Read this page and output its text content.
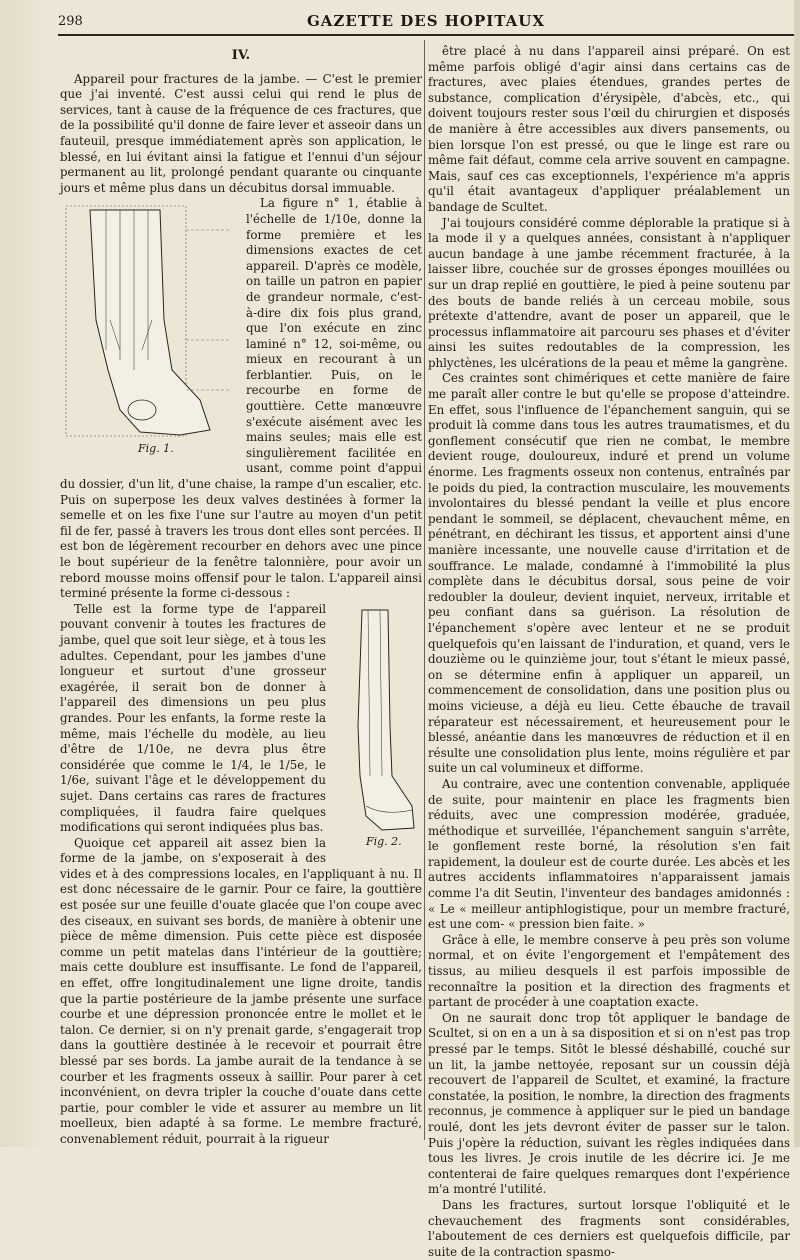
298	GAZETTE DES HOPITAUX
IV.

Appareil pour fractures de la jambe. — C'est le premier que j'ai inventé. C'est aussi celui qui rend le plus de services, tant à cause de la fréquence de ces fractures, que de la possibilité qu'il donne de faire lever et asseoir dans un fauteuil, presque immédiatement après son application, le blessé, en lui évitant ainsi la fatigue et l'ennui d'un séjour permanent au lit, prolongé pendant quarante ou cinquante jours et même plus dans un décubitus dorsal immuable.

Fig. 1.

La figure n° 1, établie à l'échelle de 1/10e, donne la forme première et les dimensions exactes de cet appareil. D'après ce modèle, on taille un patron en papier de grandeur normale, c'est-à-dire dix fois plus grand, que l'on exécute en zinc laminé n° 12, soi-même, ou mieux en recourant à un ferblantier. Puis, on le recourbe en forme de gouttière. Cette manœuvre s'exécute aisément avec les mains seules; mais elle est singulièrement facilitée en usant, comme point d'appui du dossier, d'un lit, d'une chaise, la rampe d'un escalier, etc. Puis on superpose les deux valves destinées à former la semelle et on les fixe l'une sur l'autre au moyen d'un petit fil de fer, passé à travers les trous dont elles sont percées. Il est bon de légèrement recourber en dehors avec une pince le bout supérieur de la fenêtre talonnière, pour avoir un rebord mousse moins offensif pour le talon. L'appareil ainsi terminé présente la forme ci-dessous :

Fig. 2.

Telle est la forme type de l'appareil pouvant convenir à toutes les fractures de jambe, quel que soit leur siège, et à tous les adultes. Cependant, pour les jambes d'une longueur et surtout d'une grosseur exagérée, il serait bon de donner à l'appareil des dimensions un peu plus grandes. Pour les enfants, la forme reste la même, mais l'échelle du modèle, au lieu d'être de 1/10e, ne devra plus être considérée que comme le 1/4, le 1/5e, le 1/6e, suivant l'âge et le développement du sujet. Dans certains cas rares de fractures compliquées, il faudra faire quelques modifications qui seront indiquées plus bas.

Quoique cet appareil ait assez bien la forme de la jambe, on s'exposerait à des vides et à des compressions locales, en l'appliquant à nu. Il est donc nécessaire de le garnir. Pour ce faire, la gouttière est posée sur une feuille d'ouate glacée que l'on coupe avec des ciseaux, en suivant ses bords, de manière à obtenir une pièce de même dimension. Puis cette pièce est disposée comme un petit matelas dans l'intérieur de la gouttière; mais cette doublure est insuffisante. Le fond de l'appareil, en effet, offre longitudinalement une ligne droite, tandis que la partie postérieure de la jambe présente une surface courbe et une dépression prononcée entre le mollet et le talon. Ce dernier, si on n'y prenait garde, s'engagerait trop dans la gouttière destinée à le recevoir et pourrait être blessé par ses bords. La jambe aurait de la tendance à se courber et les fragments osseux à saillir. Pour parer à cet inconvénient, on devra tripler la couche d'ouate dans cette partie, pour combler le vide et assurer au membre un lit moelleux, bien adapté à sa forme. Le membre fracturé, convenablement réduit, pourrait à la rigueur

être placé à nu dans l'appareil ainsi préparé. On est même parfois obligé d'agir ainsi dans certains cas de fractures, avec plaies étendues, grandes pertes de substance, complication d'érysipèle, d'abcès, etc., qui doivent toujours rester sous l'œil du chirurgien et disposés de manière à être accessibles aux divers pansements, ou bien lorsque l'on est pressé, ou que le linge est rare ou même fait défaut, comme cela arrive souvent en campagne. Mais, sauf ces cas exceptionnels, l'expérience m'a appris qu'il était avantageux d'appliquer préalablement un bandage de Scultet.

J'ai toujours considéré comme déplorable la pratique si à la mode il y a quelques années, consistant à n'appliquer aucun bandage à une jambe récemment fracturée, à la laisser libre, couchée sur de grosses éponges mouillées ou sur un drap replié en gouttière, le pied à peine soutenu par des bouts de bande reliés à un cerceau mobile, sous prétexte d'attendre, avant de poser un appareil, que le processus inflammatoire ait parcouru ses phases et d'éviter ainsi les suites redoutables de la compression, les phlyctènes, les ulcérations de la peau et même la gangrène.

Ces craintes sont chimériques et cette manière de faire me paraît aller contre le but qu'elle se propose d'atteindre. En effet, sous l'influence de l'épanchement sanguin, qui se produit là comme dans tous les autres traumatismes, et du gonflement consécutif que rien ne combat, le membre devient rouge, douloureux, induré et prend un volume énorme. Les fragments osseux non contenus, entraînés par le poids du pied, la contraction musculaire, les mouvements involontaires du blessé pendant la veille et plus encore pendant le sommeil, se déplacent, chevauchent même, en pénétrant, en déchirant les tissus, et apportent ainsi d'une manière incessante, une nouvelle cause d'irritation et de souffrance. Le malade, condamné à l'immobilité la plus complète dans le décubitus dorsal, sous peine de voir redoubler la douleur, devient inquiet, nerveux, irritable et peu confiant dans sa guérison. La résolution de l'épanchement s'opère avec lenteur et ne se produit quelquefois qu'en laissant de l'induration, et quand, vers le douzième ou le quinzième jour, tout s'étant le mieux passé, on se détermine enfin à appliquer un appareil, un commencement de consolidation, dans une position plus ou moins vicieuse, a déjà eu lieu. Cette ébauche de travail réparateur est nécessairement, et heureusement pour le blessé, anéantie dans les manœuvres de réduction et il en résulte une consolidation plus lente, moins régulière et par suite un cal volumineux et difforme.

Au contraire, avec une contention convenable, appliquée de suite, pour maintenir en place les fragments bien réduits, avec une compression modérée, graduée, méthodique et surveillée, l'épanchement sanguin s'arrête, le gonflement reste borné, la résolution s'en fait rapidement, la douleur est de courte durée. Les abcès et les autres accidents inflammatoires n'apparaissent jamais comme l'a dit Seutin, l'inventeur des bandages amidonnés : « Le « meilleur antiphlogistique, pour un membre fracturé, est une com- « pression bien faite. »

Grâce à elle, le membre conserve à peu près son volume normal, et on évite l'engorgement et l'empâtement des tissus, au milieu desquels il est parfois impossible de reconnaître la position et la direction des fragments et partant de procéder à une coaptation exacte.

On ne saurait donc trop tôt appliquer le bandage de Scultet, si on en a un à sa disposition et si on n'est pas trop pressé par le temps. Sitôt le blessé déshabillé, couché sur un lit, la jambe nettoyée, reposant sur un coussin déjà recouvert de l'appareil de Scultet, et examiné, la fracture constatée, la position, le nombre, la direction des fragments reconnus, je commence à appliquer sur le pied un bandage roulé, dont les jets devront éviter de passer sur le talon. Puis j'opère la réduction, suivant les règles indiquées dans tous les livres. Je crois inutile de les décrire ici. Je me contenterai de faire quelques remarques dont l'expérience m'a montré l'utilité.

Dans les fractures, surtout lorsque l'obliquité et le chevauchement des fragments sont considérables, l'aboutement de ces derniers est quelquefois difficile, par suite de la contraction spasmo-
